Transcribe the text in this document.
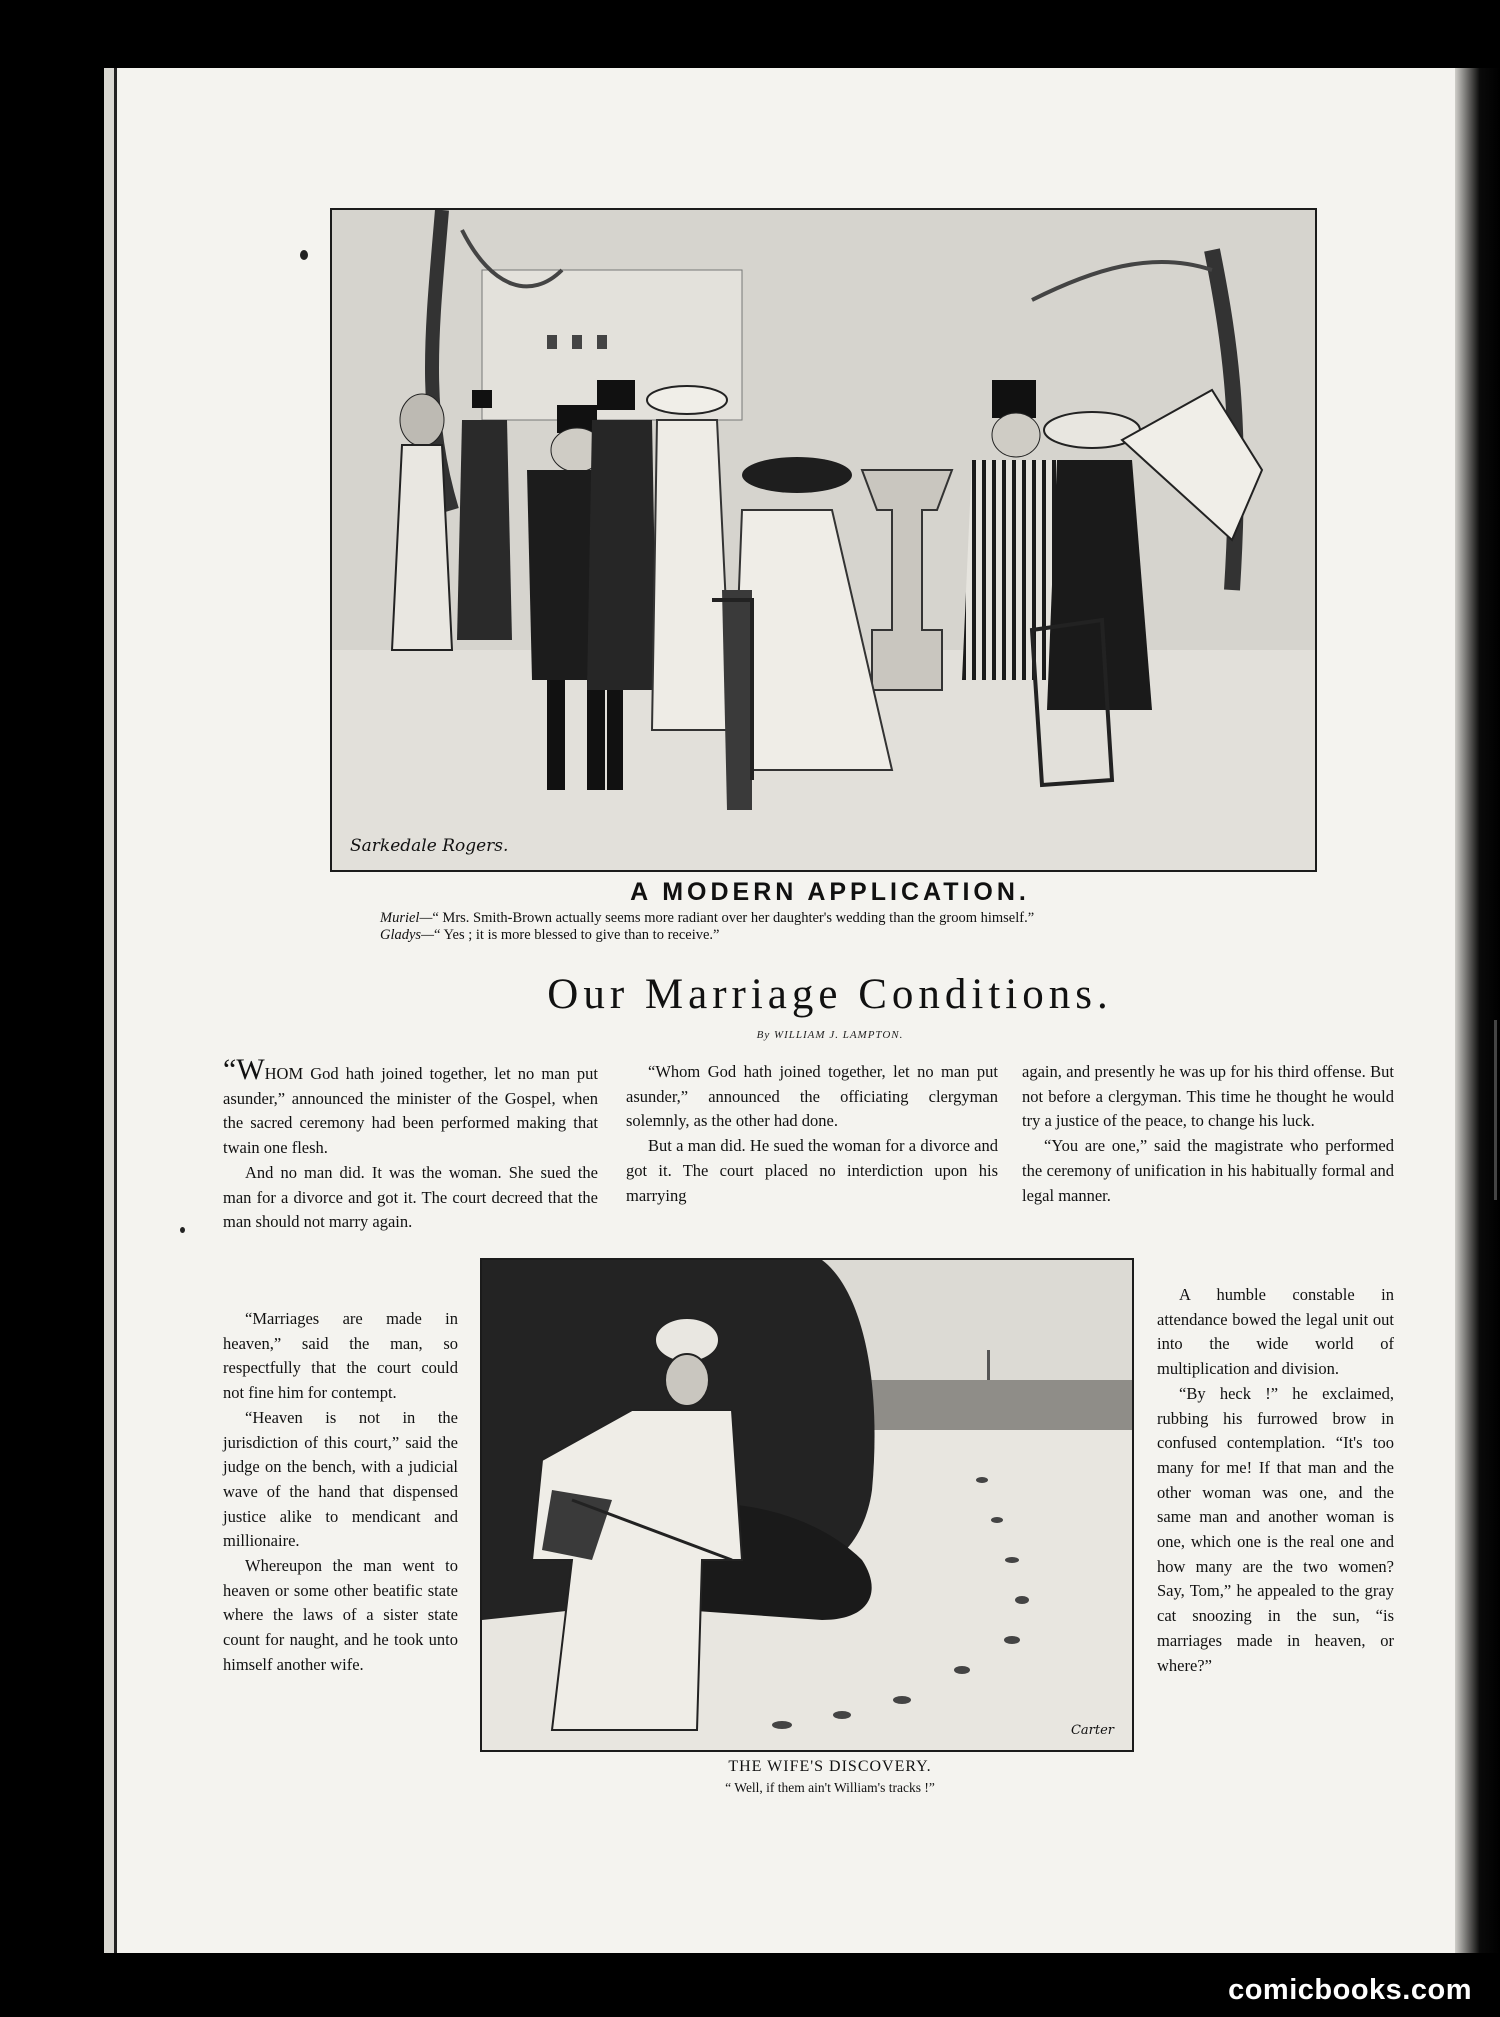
Sarkedale Rogers.
A MODERN APPLICATION.
Muriel—“ Mrs. Smith-Brown actually seems more radiant over her daughter's wedding than the groom himself.”
Gladys—“ Yes ; it is more blessed to give than to receive.”
Our Marriage Conditions.
By WILLIAM J. LAMPTON.

“WHOM God hath joined together, let no man put asunder,” announced the minister of the Gospel, when the sacred ceremony had been performed making that twain one flesh.

And no man did. It was the woman. She sued the man for a divorce and got it. The court decreed that the man should not marry again.

“Marriages are made in heaven,” said the man, so respectfully that the court could not fine him for contempt.

“Heaven is not in the jurisdiction of this court,” said the judge on the bench, with a judicial wave of the hand that dispensed justice alike to mendicant and millionaire.

Whereupon the man went to heaven or some other beatific state where the laws of a sister state count for naught, and he took unto himself another wife.

“Whom God hath joined together, let no man put asunder,” announced the officiating clergyman solemnly, as the other had done.

But a man did. He sued the woman for a divorce and got it. The court placed no interdiction upon his marrying

again, and presently he was up for his third offense. But not before a clergyman. This time he thought he would try a justice of the peace, to change his luck.

“You are one,” said the magistrate who performed the ceremony of unification in his habitually formal and legal manner.

A humble constable in attendance bowed the legal unit out into the wide world of multiplication and division.

“By heck !” he exclaimed, rubbing his furrowed brow in confused contemplation. “It's too many for me! If that man and the other woman was one, and the same man and another woman is one, which one is the real one and how many are the two women? Say, Tom,” he appealed to the gray cat snoozing in the sun, “is marriages made in heaven, or where?”

Carter
THE WIFE'S DISCOVERY.
“ Well, if them ain't William's tracks !”
comicbooks.com
